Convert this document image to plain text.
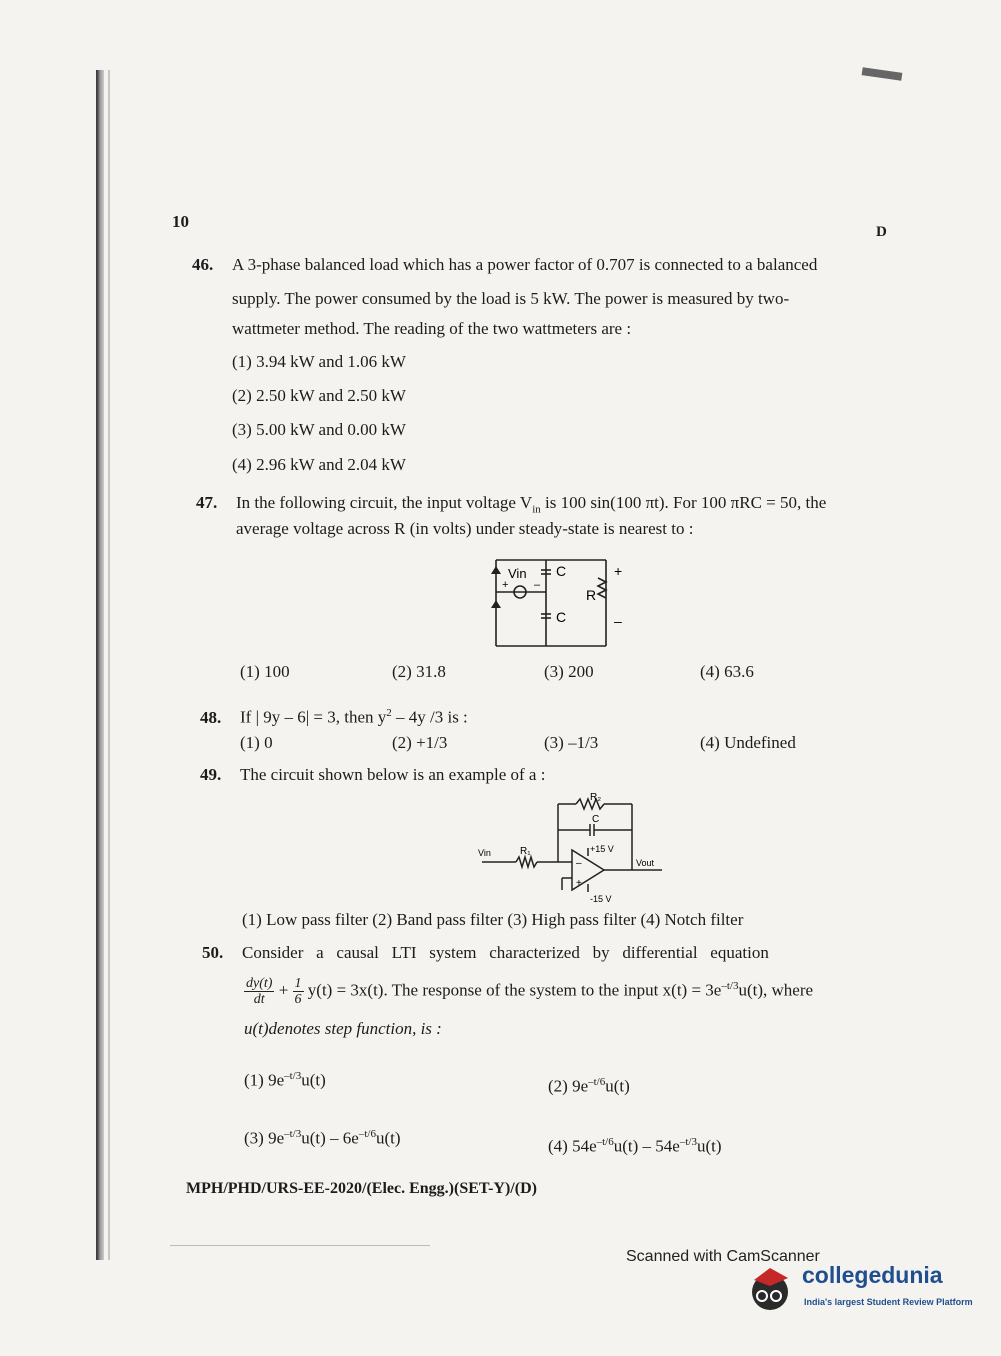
10
D
46. A 3-phase balanced load which has a power factor of 0.707 is connected to a balanced
supply. The power consumed by the load is 5 kW. The power is measured by two-
wattmeter method. The reading of the two wattmeters are :
(1) 3.94 kW and 1.06 kW
(2) 2.50 kW and 2.50 kW
(3) 5.00 kW and 0.00 kW
(4) 2.96 kW and 2.04 kW
47. In the following circuit, the input voltage $V_{in}$ is 100 sin(100 πt). For 100 πRC = 50, the
average voltage across R (in volts) under steady-state is nearest to :
Vin
+ –
C
C
R
+
–
(1) 100	(2) 31.8	(3) 200	(4) 63.6
48. If | 9y – 6| = 3, then $y^2 - 4y$ /3 is :
(1) 0	(2) +1/3	(3) –1/3	(4) Undefined
49. The circuit shown below is an example of a :
R₂
C
R₁
Vin
Vout
+15 V
-15 V
–
+
(1) Low pass filter (2) Band pass filter (3) High pass filter (4) Notch filter
50. Consider   a   causal   LTI   system   characterized   by   differential   equation
$\frac{dy(t)}{dt} + \frac{1}{6} y(t) = 3x(t)$. The response of the system to the input $x(t) = 3e^{-t/3}u(t)$, where
u(t)denotes step function, is :
(1) $9e^{-t/3}u(t)$	(2) $9e^{-t/6}u(t)$
(3) $9e^{-t/3}u(t) - 6e^{-t/6}u(t)$	(4) $54e^{-t/6}u(t) - 54e^{-t/3}u(t)$
MPH/PHD/URS-EE-2020/(Elec. Engg.)(SET-Y)/(D)
Scanned with CamScanner
collegedunia
India's largest Student Review Platform
